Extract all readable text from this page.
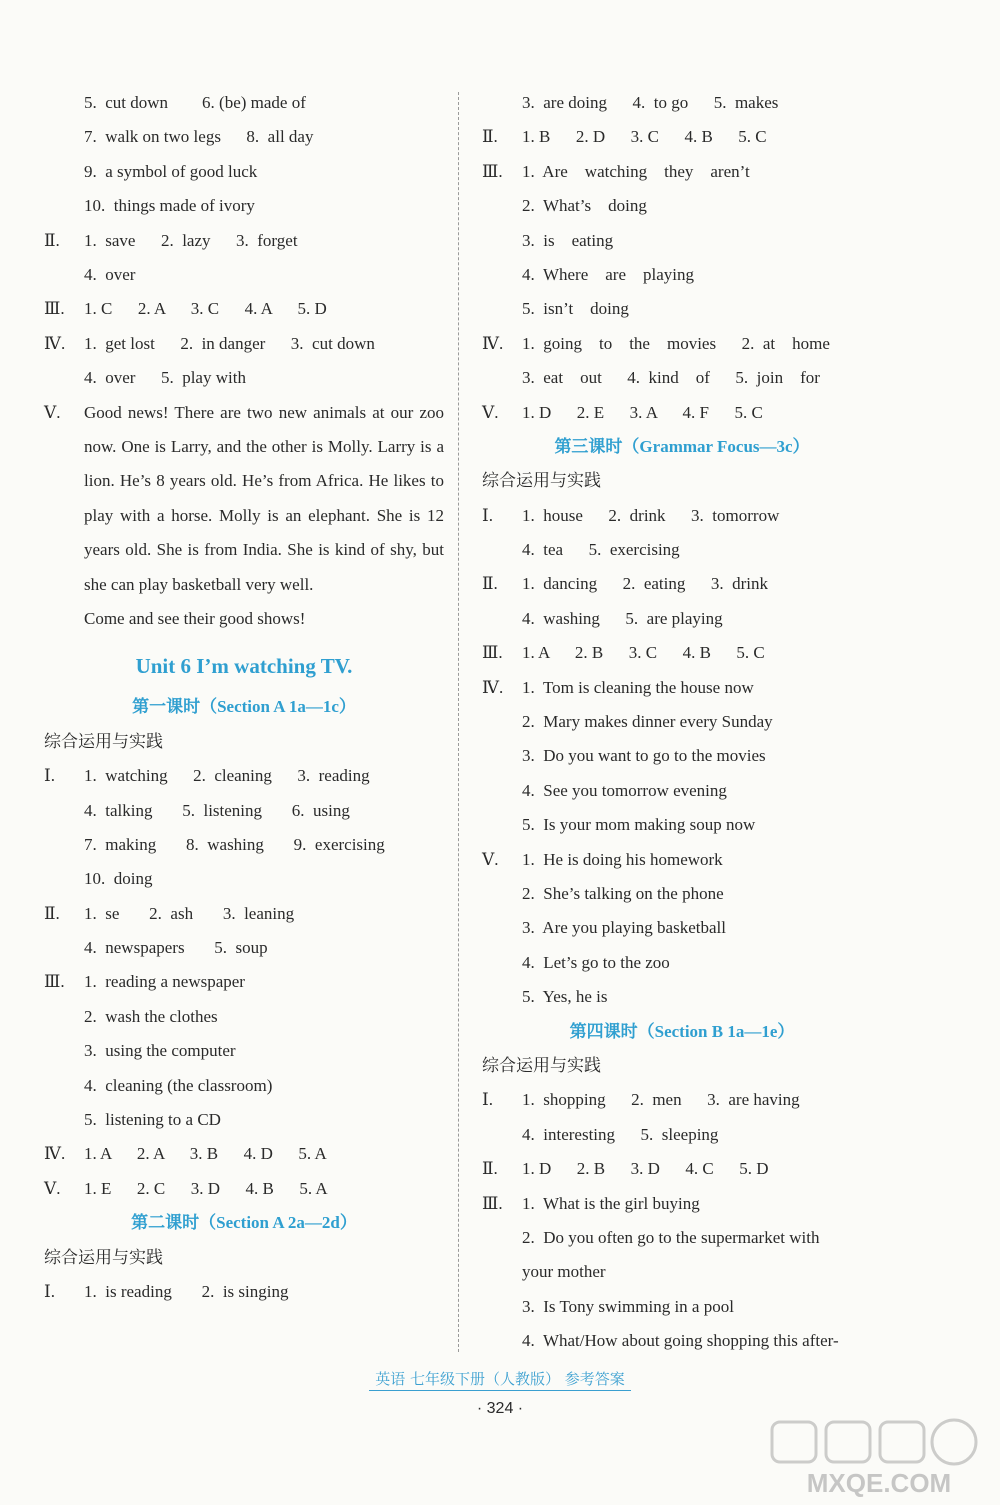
5.  cut down        6. (be) made of
7.  walk on two legs      8.  all day
9.  a symbol of good luck
10.  things made of ivory
Ⅱ. 1.  save      2.  lazy      3.  forget
4.  over
Ⅲ. 1. C      2. A      3. C      4. A      5. D
Ⅳ. 1.  get lost      2.  in danger      3.  cut down
4.  over      5.  play with
Ⅴ.	Good news! There are two new animals at our zoo now. One is Larry, and the other is Molly. Larry is a lion. He’s 8 years old. He’s from Africa. He likes to play with a horse. Molly is an elephant. She is 12 years old. She is from India. She is kind of shy, but she can play basketball very well.
Come and see their good shows!
Unit 6 I’m watching TV.
第一课时（Section A 1a—1c）
综合运用与实践
Ⅰ. 1.  watching      2.  cleaning      3.  reading
4.  talking       5.  listening       6.  using
7.  making       8.  washing       9.  exercising
10.  doing
Ⅱ. 1.  se       2.  ash       3.  leaning
4.  newspapers       5.  soup
Ⅲ. 1.  reading a newspaper
2.  wash the clothes
3.  using the computer
4.  cleaning (the classroom)
5.  listening to a CD
Ⅳ. 1. A      2. A      3. B      4. D      5. A
Ⅴ. 1. E      2. C      3. D      4. B      5. A
第二课时（Section A 2a—2d）
综合运用与实践
Ⅰ. 1.  is reading       2.  is singing
3.  are doing      4.  to go      5.  makes
Ⅱ. 1. B      2. D      3. C      4. B      5. C
Ⅲ. 1.  Are    watching    they    aren’t
2.  What’s    doing
3.  is    eating
4.  Where    are    playing
5.  isn’t    doing
Ⅳ. 1.  going    to    the    movies      2.  at    home
3.  eat    out      4.  kind    of      5.  join    for
Ⅴ. 1. D      2. E      3. A      4. F      5. C
第三课时（Grammar Focus—3c）
综合运用与实践
Ⅰ. 1.  house      2.  drink      3.  tomorrow
4.  tea      5.  exercising
Ⅱ. 1.  dancing      2.  eating      3.  drink
4.  washing      5.  are playing
Ⅲ. 1. A      2. B      3. C      4. B      5. C
Ⅳ. 1.  Tom is cleaning the house now
2.  Mary makes dinner every Sunday
3.  Do you want to go to the movies
4.  See you tomorrow evening
5.  Is your mom making soup now
Ⅴ. 1.  He is doing his homework
2.  She’s talking on the phone
3.  Are you playing basketball
4.  Let’s go to the zoo
5.  Yes, he is
第四课时（Section B 1a—1e）
综合运用与实践
Ⅰ. 1.  shopping      2.  men      3.  are having
4.  interesting      5.  sleeping
Ⅱ. 1. D      2. B      3. D      4. C      5. D
Ⅲ. 1.  What is the girl buying
2.  Do you often go to the supermarket with
your mother
3.  Is Tony swimming in a pool
4.  What/How about going shopping this after-
英语 七年级下册（人教版） 参考答案
· 324 ·
MXQE.COM
